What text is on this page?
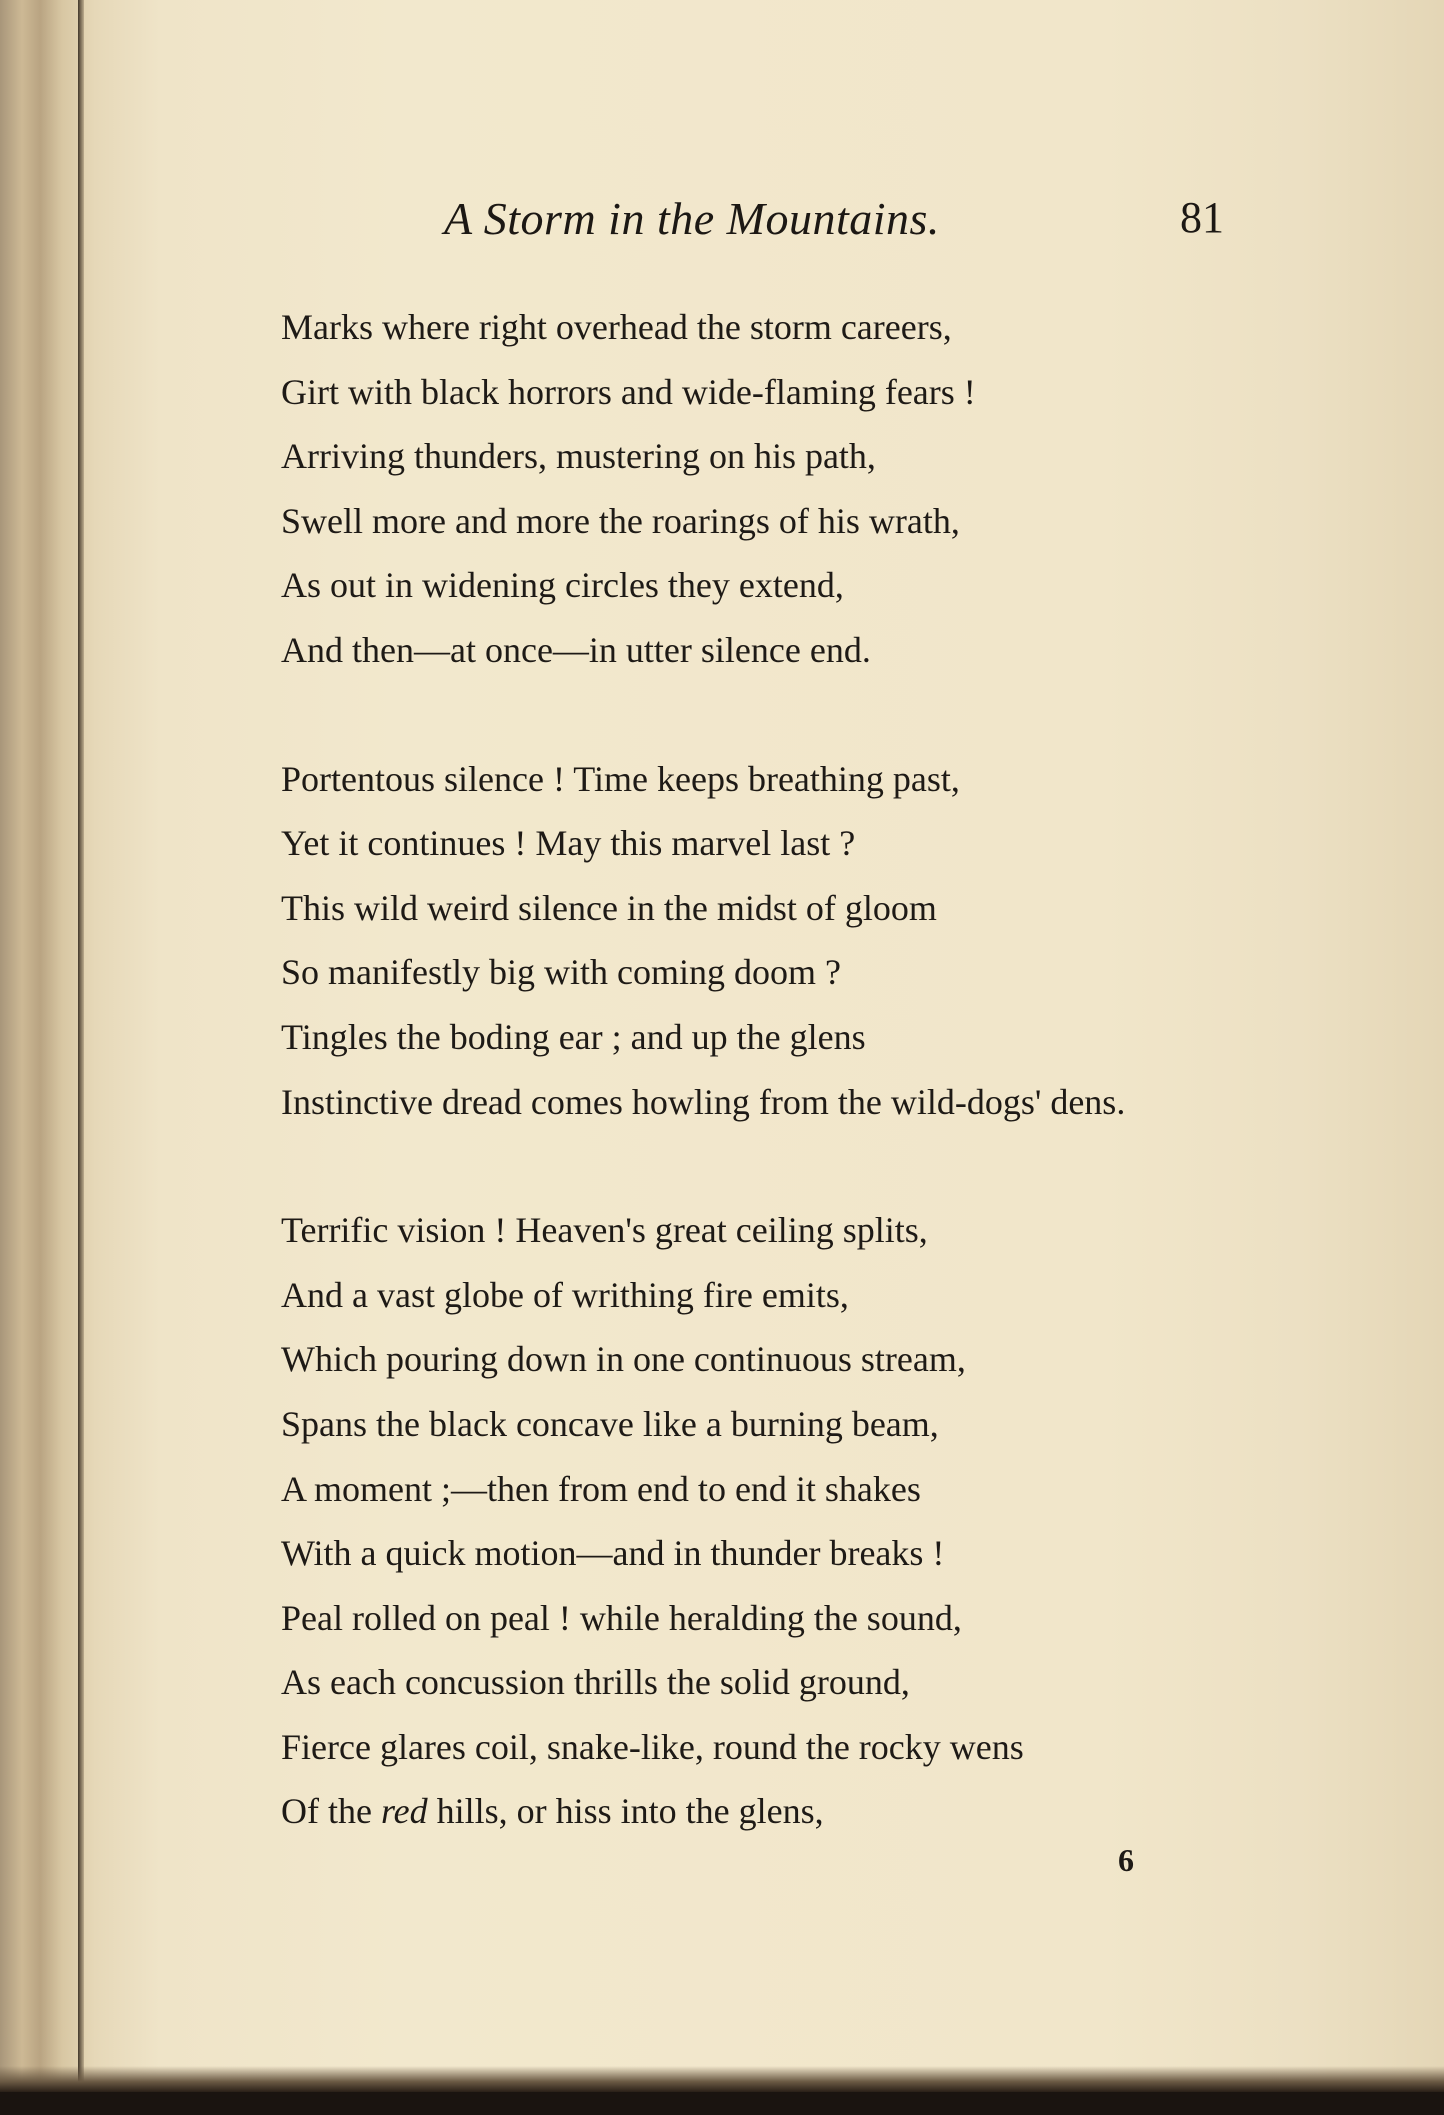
A Storm in the Mountains.	81
Marks where right overhead the storm careers,
Girt with black horrors and wide-flaming fears !
Arriving thunders, mustering on his path,
Swell more and more the roarings of his wrath,
As out in widening circles they extend,
And then—at once—in utter silence end.
Portentous silence ! Time keeps breathing past,
Yet it continues ! May this marvel last ?
This wild weird silence in the midst of gloom
So manifestly big with coming doom ?
Tingles the boding ear ; and up the glens
Instinctive dread comes howling from the wild-dogs' dens.
Terrific vision ! Heaven's great ceiling splits,
And a vast globe of writhing fire emits,
Which pouring down in one continuous stream,
Spans the black concave like a burning beam,
A moment ;—then from end to end it shakes
With a quick motion—and in thunder breaks !
Peal rolled on peal ! while heralding the sound,
As each concussion thrills the solid ground,
Fierce glares coil, snake-like, round the rocky wens
Of the red hills, or hiss into the glens,
6
